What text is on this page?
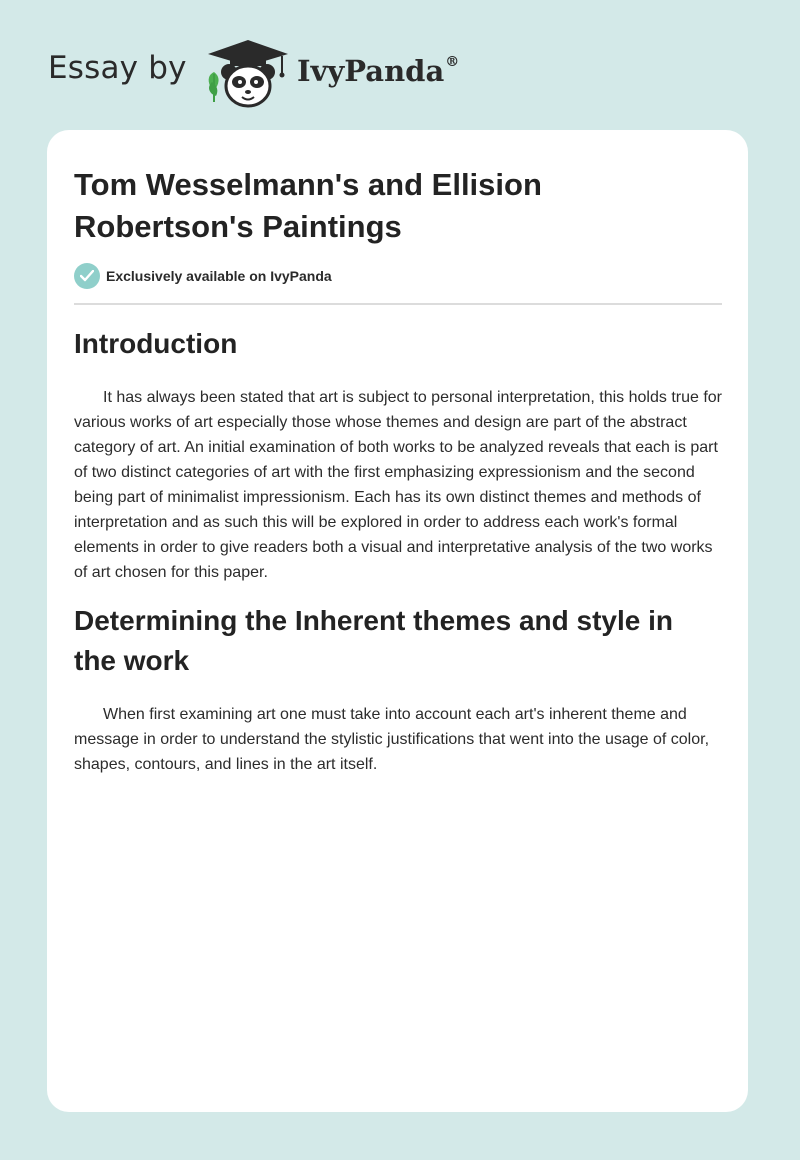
Essay by	IvyPanda®
Tom Wesselmann's and Ellision Robertson's Paintings
Exclusively available on IvyPanda
Introduction

It has always been stated that art is subject to personal interpretation, this holds true for various works of art especially those whose themes and design are part of the abstract category of art. An initial examination of both works to be analyzed reveals that each is part of two distinct categories of art with the first emphasizing expressionism and the second being part of minimalist impressionism. Each has its own distinct themes and methods of interpretation and as such this will be explored in order to address each work's formal elements in order to give readers both a visual and interpretative analysis of the two works of art chosen for this paper.

Determining the Inherent themes and style in the work

When first examining art one must take into account each art's inherent theme and message in order to understand the stylistic justifications that went into the usage of color, shapes, contours, and lines in the art itself.
